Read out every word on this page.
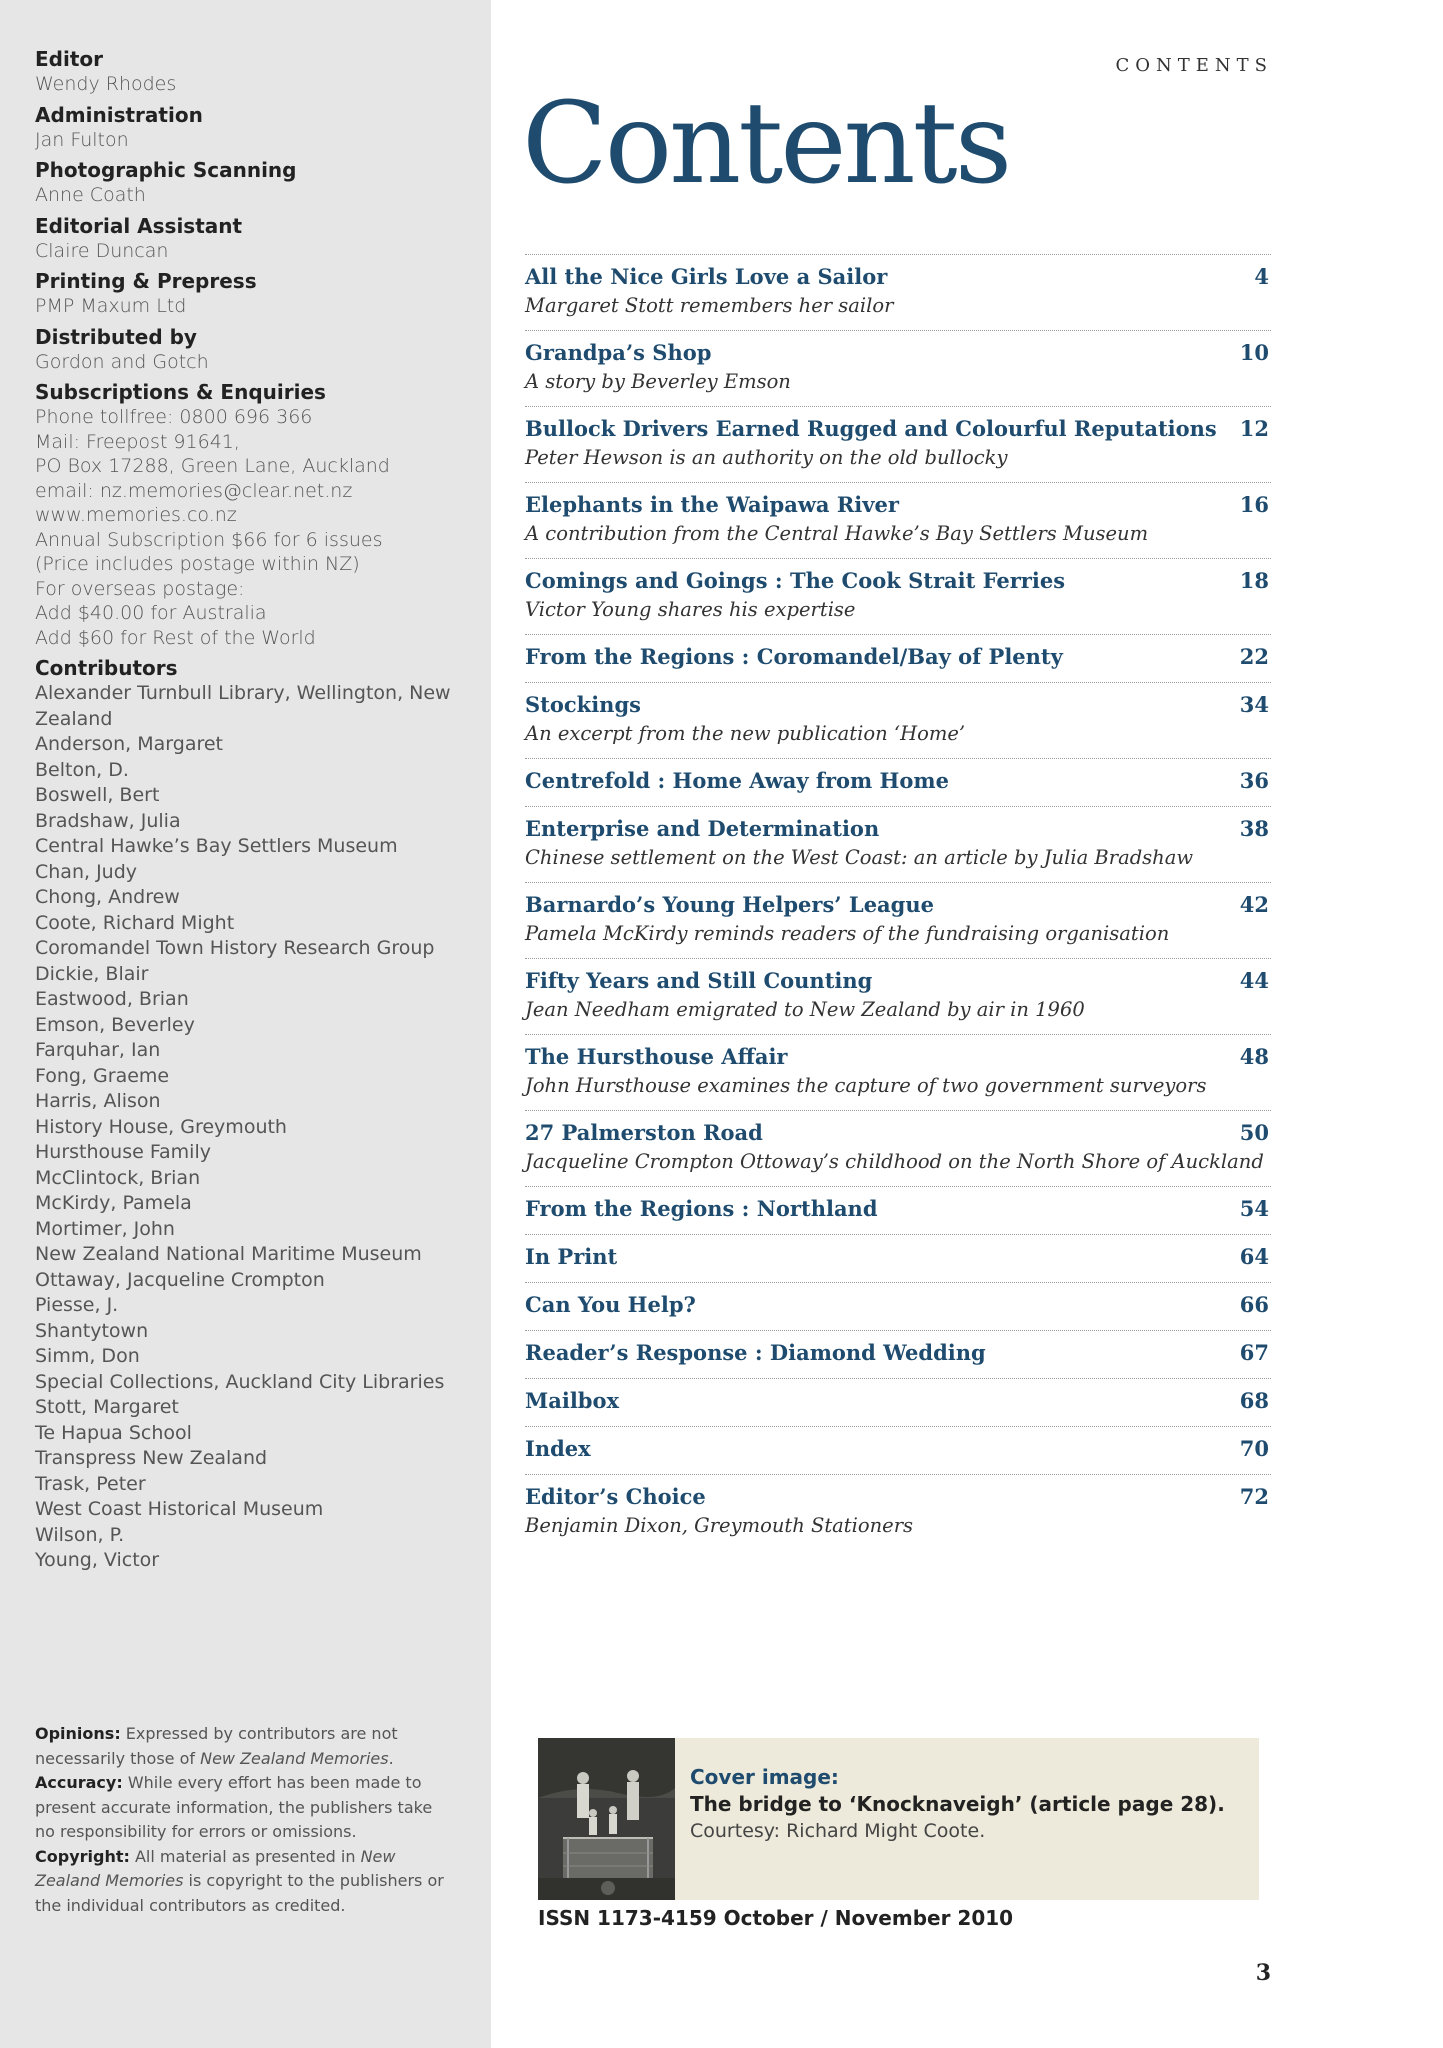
Editor
Wendy Rhodes
Administration
Jan Fulton
Photographic Scanning
Anne Coath
Editorial Assistant
Claire Duncan
Printing & Prepress
PMP Maxum Ltd
Distributed by
Gordon and Gotch
Subscriptions & Enquiries
Phone tollfree: 0800 696 366
Mail: Freepost 91641,
PO Box 17288, Green Lane, Auckland
email: nz.memories@clear.net.nz
www.memories.co.nz
Annual Subscription $66 for 6 issues
(Price includes postage within NZ)
For overseas postage:
Add $40.00 for Australia
Add $60 for Rest of the World
Contributors
Alexander Turnbull Library, Wellington, New Zealand
Anderson, Margaret
Belton, D.
Boswell, Bert
Bradshaw, Julia
Central Hawke’s Bay Settlers Museum
Chan, Judy
Chong, Andrew
Coote, Richard Might
Coromandel Town History Research Group
Dickie, Blair
Eastwood, Brian
Emson, Beverley
Farquhar, Ian
Fong, Graeme
Harris, Alison
History House, Greymouth
Hursthouse Family
McClintock, Brian
McKirdy, Pamela
Mortimer, John
New Zealand National Maritime Museum
Ottaway, Jacqueline Crompton
Piesse, J.
Shantytown
Simm, Don
Special Collections, Auckland City Libraries
Stott, Margaret
Te Hapua School
Transpress New Zealand
Trask, Peter
West Coast Historical Museum
Wilson, P.
Young, Victor
Opinions: Expressed by contributors are not necessarily those of New Zealand Memories.
Accuracy: While every effort has been made to present accurate information, the publishers take no responsibility for errors or omissions.
Copyright: All material as presented in New Zealand Memories is copyright to the publishers or the individual contributors as credited.
CONTENTS
Contents
All the Nice Girls Love a Sailor	4
Margaret Stott remembers her sailor
Grandpa’s Shop	10
A story by Beverley Emson
Bullock Drivers Earned Rugged and Colourful Reputations 12
Peter Hewson is an authority on the old bullocky
Elephants in the Waipawa River	16
A contribution from the Central Hawke’s Bay Settlers Museum
Comings and Goings : The Cook Strait Ferries	18
Victor Young shares his expertise
From the Regions : Coromandel/Bay of Plenty	22
Stockings	34
An excerpt from the new publication ‘Home’
Centrefold : Home Away from Home	36
Enterprise and Determination	38
Chinese settlement on the West Coast: an article by Julia Bradshaw
Barnardo’s Young Helpers’ League	42
Pamela McKirdy reminds readers of the fundraising organisation
Fifty Years and Still Counting	44
Jean Needham emigrated to New Zealand by air in 1960
The Hursthouse Affair	48
John Hursthouse examines the capture of two government surveyors
27 Palmerston Road	50
Jacqueline Crompton Ottoway’s childhood on the North Shore of Auckland
From the Regions : Northland	54
In Print	64
Can You Help?	66
Reader’s Response : Diamond Wedding	67
Mailbox	68
Index	70
Editor’s Choice	72
Benjamin Dixon, Greymouth Stationers
Cover image:
The bridge to ‘Knocknaveigh’ (article page 28).
Courtesy: Richard Might Coote.
ISSN 1173-4159 October / November 2010
3
